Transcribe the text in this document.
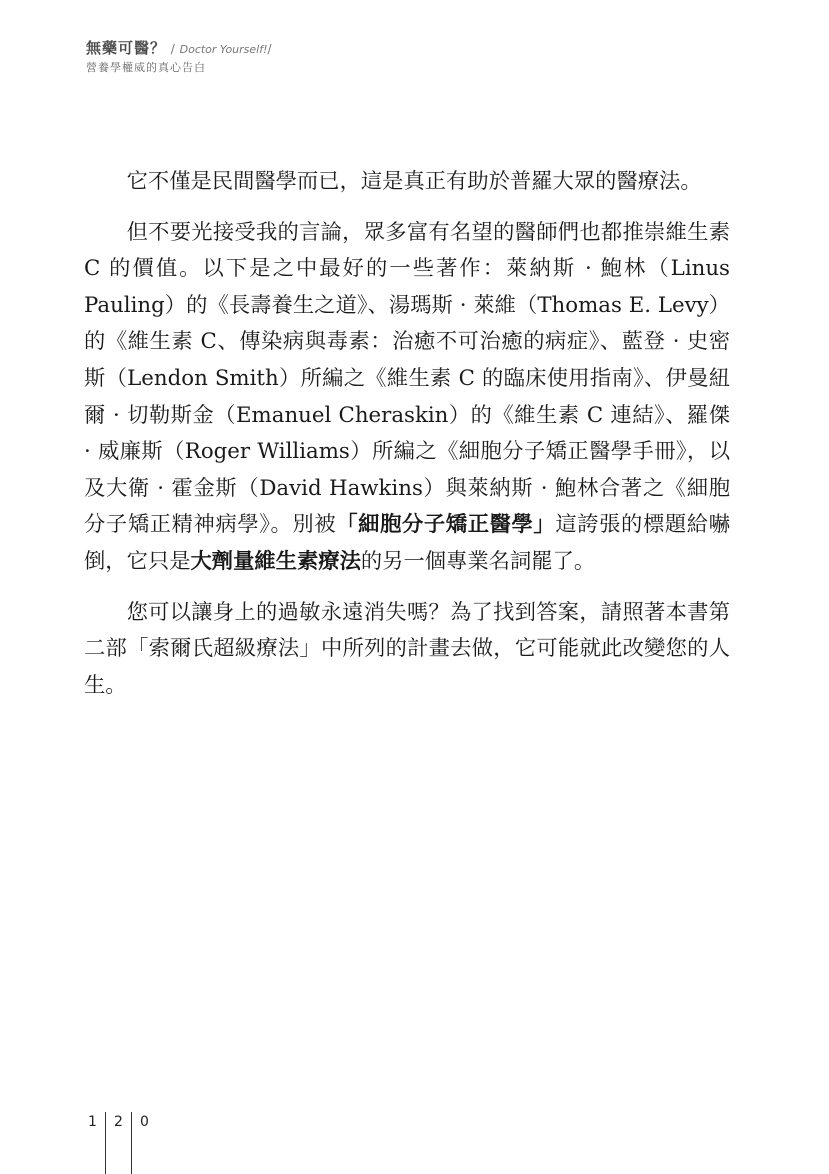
無藥可醫？ / Doctor Yourself!/
營養學權威的真心告白

它不僅是民間醫學而已，這是真正有助於普羅大眾的醫療法。

但不要光接受我的言論，眾多富有名望的醫師們也都推崇維生素 C 的價值。以下是之中最好的一些著作：萊納斯 · 鮑林（Linus Pauling）的《長壽養生之道》、湯瑪斯 · 萊維（Thomas E. Levy）的《維生素 C、傳染病與毒素：治癒不可治癒的病症》、藍登 · 史密斯（Lendon Smith）所編之《維生素 C 的臨床使用指南》、伊曼紐爾 · 切勒斯金（Emanuel Cheraskin）的《維生素 C 連結》、羅傑 · 威廉斯（Roger Williams）所編之《細胞分子矯正醫學手冊》，以及大衛 · 霍金斯（David Hawkins）與萊納斯 · 鮑林合著之《細胞分子矯正精神病學》。別被「細胞分子矯正醫學」這誇張的標題給嚇倒，它只是大劑量維生素療法的另一個專業名詞罷了。

您可以讓身上的過敏永遠消失嗎？為了找到答案，請照著本書第二部「索爾氏超級療法」中所列的計畫去做，它可能就此改變您的人生。

1 2 0
